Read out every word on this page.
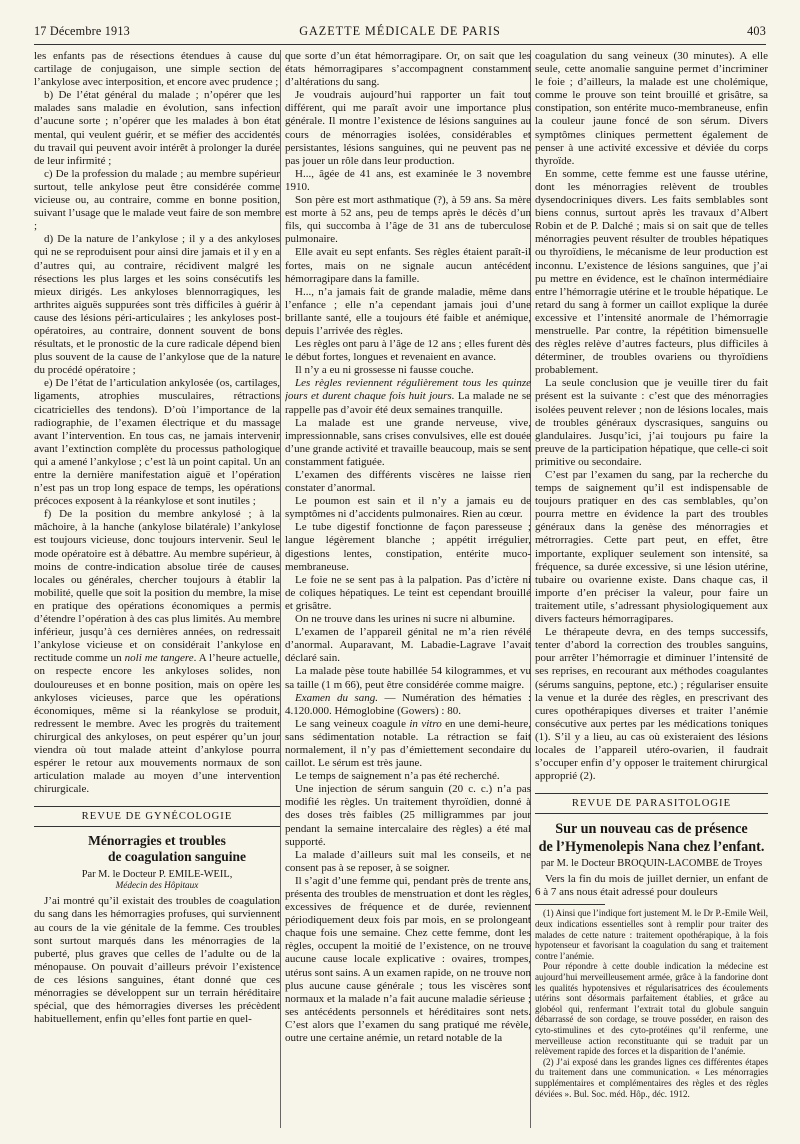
17 Décembre 1913	GAZETTE MÉDICALE DE PARIS	403

les enfants pas de résections étendues à cause du cartilage de conjugaison, une simple section de l’ankylose avec interposition, et encore avec prudence ;

b) De l’état général du malade ; n’opérer que les malades sans maladie en évolution, sans infection d’aucune sorte ; n’opérer que les malades à bon état mental, qui veulent guérir, et se méfier des accidentés du travail qui peuvent avoir intérêt à prolonger la durée de leur infirmité ;

c) De la profession du malade ; au membre supérieur surtout, telle ankylose peut être considérée comme vicieuse ou, au contraire, comme en bonne position, suivant l’usage que le malade veut faire de son membre ;

d) De la nature de l’ankylose ; il y a des ankyloses qui ne se reproduisent pour ainsi dire jamais et il y en a d’autres qui, au contraire, récidivent malgré les résections les plus larges et les soins consécutifs les mieux dirigés. Les ankyloses blennorragiques, les arthrites aiguës suppurées sont très difficiles à guérir à cause des lésions péri-articulaires ; les ankyloses post-opératoires, au contraire, donnent souvent de bons résultats, et le pronostic de la cure radicale dépend bien plus souvent de la cause de l’ankylose que de la nature du procédé opératoire ;

e) De l’état de l’articulation ankylosée (os, cartilages, ligaments, atrophies musculaires, rétractions cicatricielles des tendons). D’où l’importance de la radiographie, de l’examen électrique et du massage avant l’intervention. En tous cas, ne jamais intervenir avant l’extinction complète du processus pathologique qui a amené l’ankylose ; c’est là un point capital. Un an entre la dernière manifestation aiguë et l’opération n’est pas un trop long espace de temps, les opérations précoces exposent à la réankylose et sont inutiles ;

f) De la position du membre ankylosé ; à la mâchoire, à la hanche (ankylose bilatérale) l’ankylose est toujours vicieuse, donc toujours intervenir. Seul le mode opératoire est à débattre. Au membre supérieur, à moins de contre-indication absolue tirée de causes locales ou générales, chercher toujours à établir la mobilité, quelle que soit la position du membre, la mise en pratique des opérations économiques a permis d’étendre l’opération à des cas plus limités. Au membre inférieur, jusqu’à ces dernières années, on redressait l’ankylose vicieuse et on considérait l’ankylose en rectitude comme un noli me tangere. A l’heure actuelle, on respecte encore les ankyloses solides, non douloureuses et en bonne position, mais on opère les ankyloses vicieuses, parce que les opérations économiques, même si la réankylose se produit, redressent le membre. Avec les progrès du traitement chirurgical des ankyloses, on peut espérer qu’un jour viendra où tout malade atteint d’ankylose pourra espérer le retour aux mouvements normaux de son articulation malade au moyen d’une intervention chirurgicale.

REVUE DE GYNÉCOLOGIE
Ménorragies et troubles
de coagulation sanguine
Par M. le Docteur P. EMILE-WEIL,
Médecin des Hôpitaux

J’ai montré qu’il existait des troubles de coagulation du sang dans les hémorragies profuses, qui surviennent au cours de la vie génitale de la femme. Ces troubles sont surtout marqués dans les ménorragies de la puberté, plus graves que celles de l’adulte ou de la ménopause. On pouvait d’ailleurs prévoir l’existence de ces lésions sanguines, étant donné que ces ménorragies se développent sur un terrain héréditaire spécial, que des hémorragies diverses les précèdent habituellement, enfin qu’elles font partie en quel-

que sorte d’un état hémorragipare. Or, on sait que les états hémorragipares s’accompagnent constamment d’altérations du sang.

Je voudrais aujourd’hui rapporter un fait tout différent, qui me paraît avoir une importance plus générale. Il montre l’existence de lésions sanguines au cours de ménorragies isolées, considérables et persistantes, lésions sanguines, qui ne peuvent pas ne pas jouer un rôle dans leur production.

H..., âgée de 41 ans, est examinée le 3 novembre 1910.

Son père est mort asthmatique (?), à 59 ans. Sa mère est morte à 52 ans, peu de temps après le décès d’un fils, qui succomba à l’âge de 31 ans de tuberculose pulmonaire.

Elle avait eu sept enfants. Ses règles étaient paraît-il fortes, mais on ne signale aucun antécédent hémorragipare dans la famille.

H..., n’a jamais fait de grande maladie, même dans l’enfance ; elle n’a cependant jamais joui d’une brillante santé, elle a toujours été faible et anémique, depuis l’arrivée des règles.

Les règles ont paru à l’âge de 12 ans ; elles furent dès le début fortes, longues et revenaient en avance.

Il n’y a eu ni grossesse ni fausse couche.

Les règles reviennent régulièrement tous les quinze jours et durent chaque fois huit jours. La malade ne se rappelle pas d’avoir été deux semaines tranquille.

La malade est une grande nerveuse, vive, impressionnable, sans crises convulsives, elle est douée d’une grande activité et travaille beaucoup, mais se sent constamment fatiguée.

L’examen des différents viscères ne laisse rien constater d’anormal.

Le poumon est sain et il n’y a jamais eu de symptômes ni d’accidents pulmonaires. Rien au cœur.

Le tube digestif fonctionne de façon paresseuse ; langue légèrement blanche ; appétit irrégulier, digestions lentes, constipation, entérite muco-membraneuse.

Le foie ne se sent pas à la palpation. Pas d’ictère ni de coliques hépatiques. Le teint est cependant brouillé et grisâtre.

On ne trouve dans les urines ni sucre ni albumine.

L’examen de l’appareil génital ne m’a rien révélé d’anormal. Auparavant, M. Labadie-Lagrave l’avait déclaré sain.

La malade pèse toute habillée 54 kilogrammes, et vu sa taille (1 m 66), peut être considérée comme maigre.

Examen du sang. — Numération des hématies : 4.120.000. Hémoglobine (Gowers) : 80.

Le sang veineux coagule in vitro en une demi-heure, sans sédimentation notable. La rétraction se fait normalement, il n’y pas d’émiettement secondaire du caillot. Le sérum est très jaune.

Le temps de saignement n’a pas été recherché.

Une injection de sérum sanguin (20 c. c.) n’a pas modifié les règles. Un traitement thyroïdien, donné à des doses très faibles (25 milligrammes par jour pendant la semaine intercalaire des règles) a été mal supporté.

La malade d’ailleurs suit mal les conseils, et ne consent pas à se reposer, à se soigner.

Il s’agit d’une femme qui, pendant près de trente ans, présenta des troubles de menstruation et dont les règles, excessives de fréquence et de durée, reviennent périodiquement deux fois par mois, en se prolongeant chaque fois une semaine. Chez cette femme, dont les règles, occupent la moitié de l’existence, on ne trouve aucune cause locale explicative : ovaires, trompes, utérus sont sains. A un examen rapide, on ne trouve non plus aucune cause générale ; tous les viscères sont normaux et la malade n’a fait aucune maladie sérieuse ; ses antécédents personnels et héréditaires sont nets. C’est alors que l’examen du sang pratiqué me révèle, outre une certaine anémie, un retard notable de la

coagulation du sang veineux (30 minutes). A elle seule, cette anomalie sanguine permet d’incriminer le foie ; d’ailleurs, la malade est une cholémique, comme le prouve son teint brouillé et grisâtre, sa constipation, son entérite muco-membraneuse, enfin la couleur jaune foncé de son sérum. Divers symptômes cliniques permettent également de penser à une activité excessive et déviée du corps thyroïde.

En somme, cette femme est une fausse utérine, dont les ménorragies relèvent de troubles dysendocriniques divers. Les faits semblables sont biens connus, surtout après les travaux d’Albert Robin et de P. Dalché ; mais si on sait que de telles ménorragies peuvent résulter de troubles hépatiques ou thyroïdiens, le mécanisme de leur production est inconnu. L’existence de lésions sanguines, que j’ai pu mettre en évidence, est le chaînon intermédiaire entre l’hémorragie utérine et le trouble hépatique. Le retard du sang à former un caillot explique la durée excessive et l’intensité anormale de l’hémorragie menstruelle. Par contre, la répétition bimensuelle des règles relève d’autres facteurs, plus difficiles à déterminer, de troubles ovariens ou thyroïdiens probablement.

La seule conclusion que je veuille tirer du fait présent est la suivante : c’est que des ménorragies isolées peuvent relever ; non de lésions locales, mais de troubles généraux dyscrasiques, sanguins ou glandulaires. Jusqu’ici, j’ai toujours pu faire la preuve de la participation hépatique, que celle-ci soit primitive ou secondaire.

C’est par l’examen du sang, par la recherche du temps de saignement qu’il est indispensable de toujours pratiquer en des cas semblables, qu’on pourra mettre en évidence la part des troubles généraux dans la genèse des ménorragies et métrorragies. Cette part peut, en effet, être importante, expliquer seulement son intensité, sa fréquence, sa durée excessive, si une lésion utérine, tubaire ou ovarienne existe. Dans chaque cas, il importe d’en préciser la valeur, pour faire un traitement utile, s’adressant physiologiquement aux divers facteurs hémorragipares.

Le thérapeute devra, en des temps successifs, tenter d’abord la correction des troubles sanguins, pour arrêter l’hémorragie et diminuer l’intensité de ses reprises, en recourant aux méthodes coagulantes (sérums sanguins, peptone, etc.) ; régulariser ensuite la venue et la durée des règles, en prescrivant des cures opothérapiques diverses et traiter l’anémie consécutive aux pertes par les médications toniques (1). S’il y a lieu, au cas où existeraient des lésions locales de l’appareil utéro-ovarien, il faudrait s’occuper enfin d’y opposer le traitement chirurgical approprié (2).

REVUE DE PARASITOLOGIE
Sur un nouveau cas de présence
de l’Hymenolepis Nana chez l’enfant.
par M. le Docteur BROQUIN-LACOMBE de Troyes

Vers la fin du mois de juillet dernier, un enfant de 6 à 7 ans nous était adressé pour douleurs

(1) Ainsi que l’indique fort justement M. le Dr P.-Emile Weil, deux indications essentielles sont à remplir pour traiter des malades de cette nature : traitement opothérapique, à la fois hypotenseur et favorisant la coagulation du sang et traitement contre l’anémie.

Pour répondre à cette double indication la médecine est aujourd’hui merveilleusement armée, grâce à la fandorine dont les qualités hypotensives et régularisatrices des écoulements utérins sont désormais parfaitement établies, et grâce au globéol qui, renfermant l’extrait total du globule sanguin débarrassé de son cordage, se trouve posséder, en raison des cyto-stimulines et des cyto-protéines qu’il renferme, une merveilleuse action reconstituante qui se traduit par un relèvement rapide des forces et la disparition de l’anémie.

(2) J’ai exposé dans les grandes lignes ces différentes étapes du traitement dans une communication. « Les ménorragies supplémentaires et complémentaires des règles et des règles déviées ». Bul. Soc. méd. Hôp., déc. 1912.
